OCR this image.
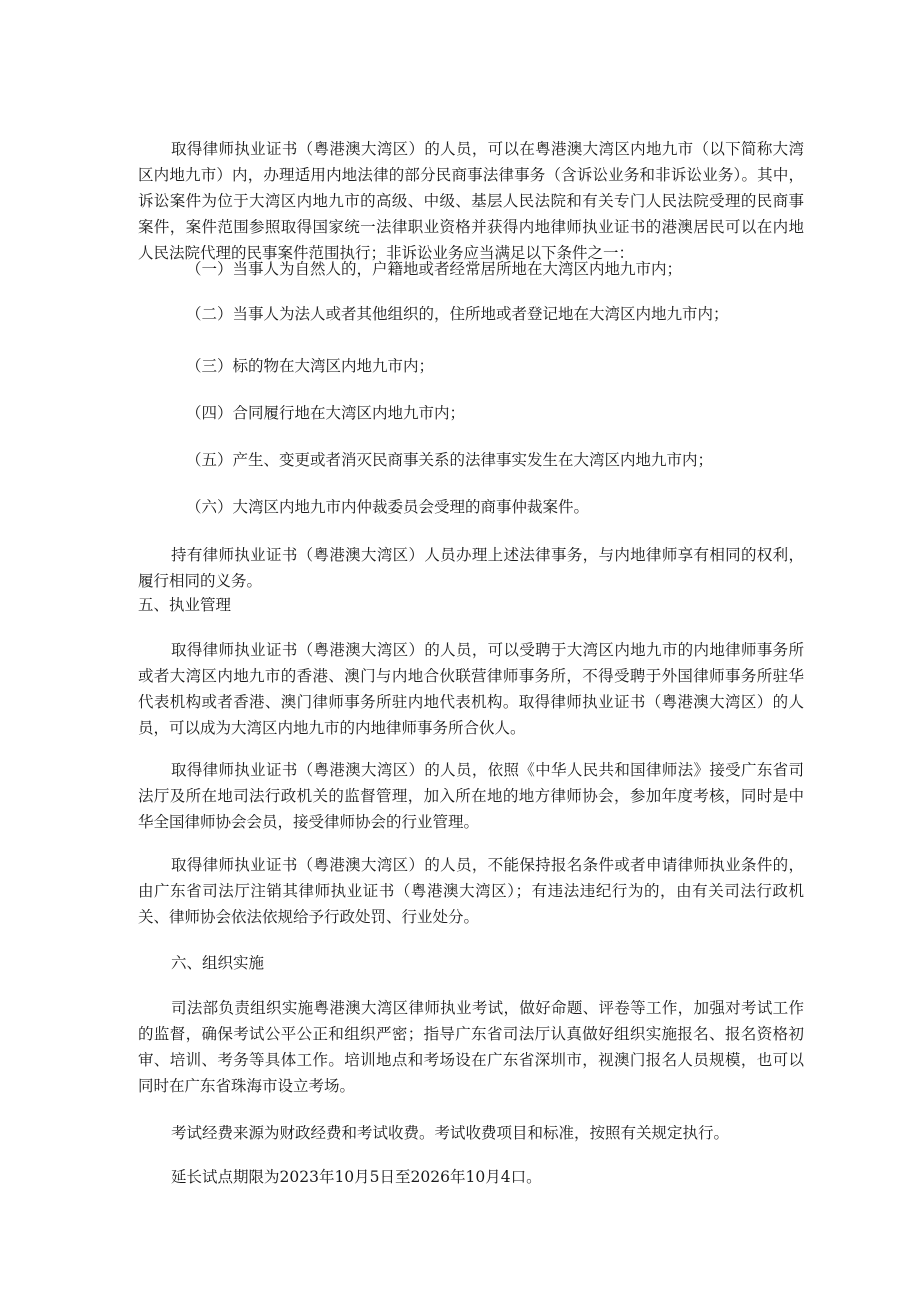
取得律师执业证书（粤港澳大湾区）的人员，可以在粤港澳大湾区内地九市（以下简称大湾区内地九市）内，办理适用内地法律的部分民商事法律事务（含诉讼业务和非诉讼业务）。其中，诉讼案件为位于大湾区内地九市的高级、中级、基层人民法院和有关专门人民法院受理的民商事案件，案件范围参照取得国家统一法律职业资格并获得内地律师执业证书的港澳居民可以在内地人民法院代理的民事案件范围执行；非诉讼业务应当满足以下条件之一：

（一）当事人为自然人的，户籍地或者经常居所地在大湾区内地九市内；

（二）当事人为法人或者其他组织的，住所地或者登记地在大湾区内地九市内；

（三）标的物在大湾区内地九市内；

（四）合同履行地在大湾区内地九市内；

（五）产生、变更或者消灭民商事关系的法律事实发生在大湾区内地九市内；

（六）大湾区内地九市内仲裁委员会受理的商事仲裁案件。

持有律师执业证书（粤港澳大湾区）人员办理上述法律事务，与内地律师享有相同的权利，履行相同的义务。

五、执业管理

取得律师执业证书（粤港澳大湾区）的人员，可以受聘于大湾区内地九市的内地律师事务所或者大湾区内地九市的香港、澳门与内地合伙联营律师事务所，不得受聘于外国律师事务所驻华代表机构或者香港、澳门律师事务所驻内地代表机构。取得律师执业证书（粤港澳大湾区）的人员，可以成为大湾区内地九市的内地律师事务所合伙人。

取得律师执业证书（粤港澳大湾区）的人员，依照《中华人民共和国律师法》接受广东省司法厅及所在地司法行政机关的监督管理，加入所在地的地方律师协会，参加年度考核，同时是中华全国律师协会会员，接受律师协会的行业管理。

取得律师执业证书（粤港澳大湾区）的人员，不能保持报名条件或者申请律师执业条件的，由广东省司法厅注销其律师执业证书（粤港澳大湾区）；有违法违纪行为的，由有关司法行政机关、律师协会依法依规给予行政处罚、行业处分。

六、组织实施

司法部负责组织实施粤港澳大湾区律师执业考试，做好命题、评卷等工作，加强对考试工作的监督，确保考试公平公正和组织严密；指导广东省司法厅认真做好组织实施报名、报名资格初审、培训、考务等具体工作。培训地点和考场设在广东省深圳市，视澳门报名人员规模，也可以同时在广东省珠海市设立考场。

考试经费来源为财政经费和考试收费。考试收费项目和标准，按照有关规定执行。

延长试点期限为2023年10月5日至2026年10月4口。
